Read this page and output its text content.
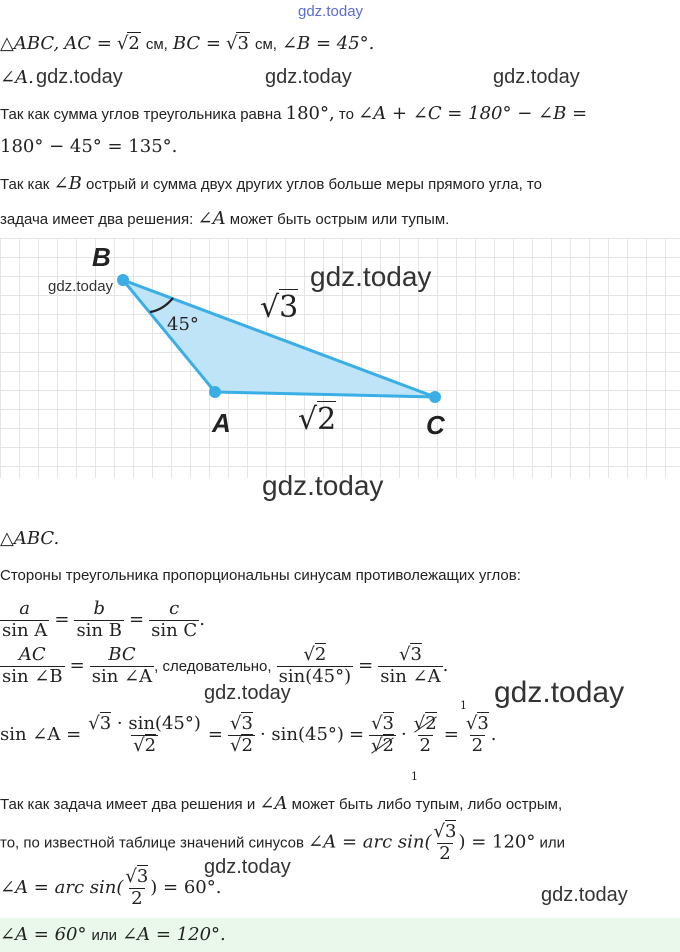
gdz.today
△ABC, AC = √2 см, BC = √3 см, ∠B = 45°.
∠A. gdz.today	gdz.today	gdz.today
Так как сумма углов треугольника равна 180°, то ∠A + ∠C = 180° − ∠B =
180° − 45° = 135°.
Так как ∠B острый и сумма двух других углов больше меры прямого угла, то
задача имеет два решения: ∠A может быть острым или тупым.
B
A	C
45° √3
√2
gdz.today	gdz.today
gdz.today
△ABC.
Стороны треугольника пропорциональны синусам противолежащих углов:
$\frac{a}{\text{sin A}} = \frac{b}{\text{sin B}} = \frac{c}{\text{sin C}}$ .
$\frac{AC}{\sin \angle B} = \frac{BC}{\sin \angle A}$ , следовательно, $\frac{√2}{\sin(45^\circ)} = \frac{√3}{\sin \angle A}$ .
gdz.today	gdz.today
sin ∠A = $\frac{√3 \cdot \sin(45^\circ)}{√2} = \frac{√3}{√2} \cdot \sin(45^\circ) = \frac{√3}{√2} \cdot \frac{√2}{2} = \frac{√3}{2}$ .
1
1
Так как задача имеет два решения и ∠A может быть либо тупым, либо острым,
то, по известной таблице значений синусов ∠A = arc $\sin( \frac{√3}{2}$ ) = 120° или
gdz.today
∠A = arc $\sin( \frac{√3}{2}$ ) = 60°.	gdz.today
∠A = 60° или ∠A = 120°.
